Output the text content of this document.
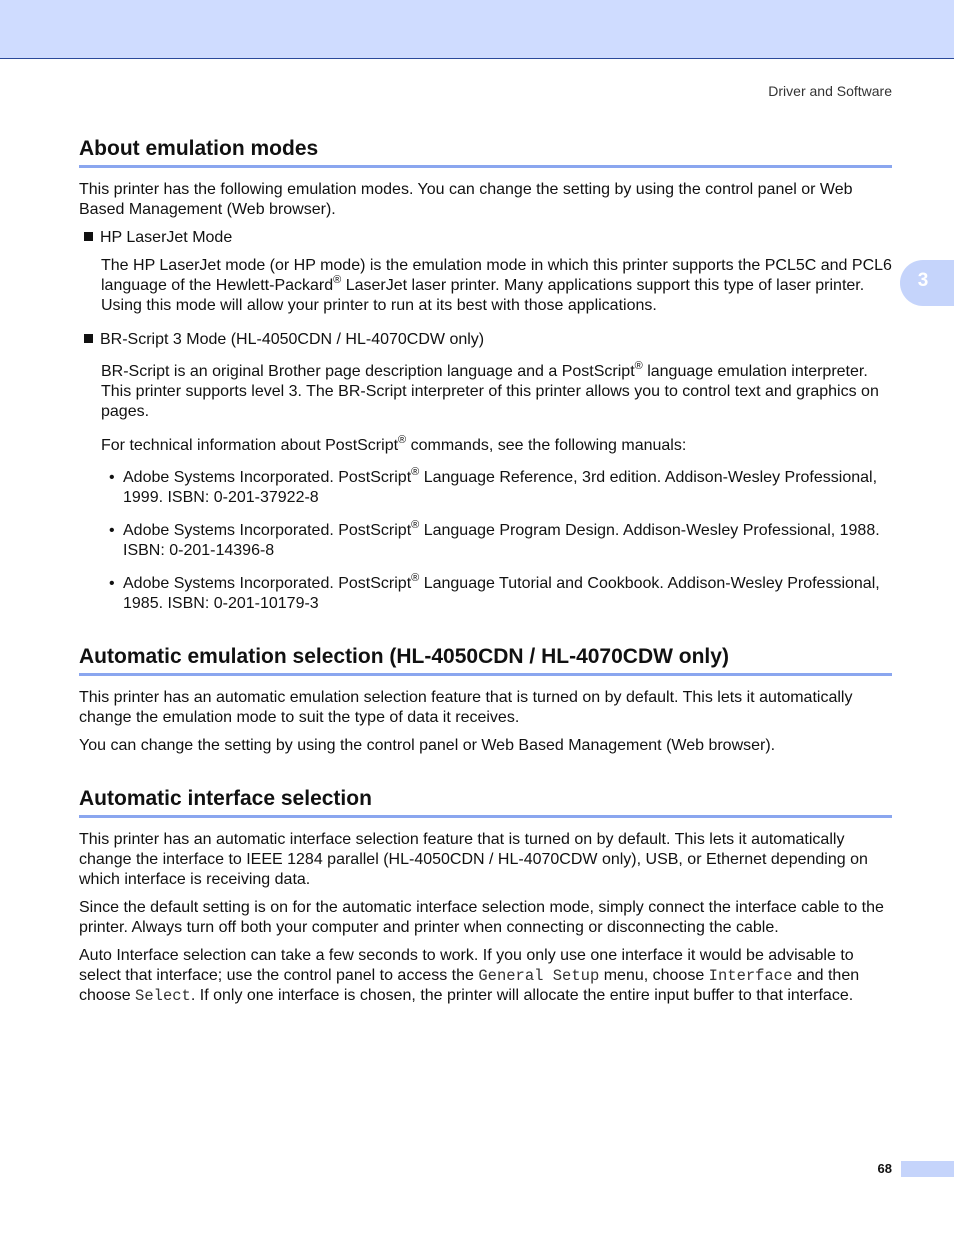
Driver and Software
3
About emulation modes

This printer has the following emulation modes. You can change the setting by using the control panel or Web Based Management (Web browser).

HP LaserJet Mode

The HP LaserJet mode (or HP mode) is the emulation mode in which this printer supports the PCL5C and PCL6 language of the Hewlett-Packard® LaserJet laser printer. Many applications support this type of laser printer. Using this mode will allow your printer to run at its best with those applications.

BR-Script 3 Mode (HL-4050CDN / HL-4070CDW only)

BR-Script is an original Brother page description language and a PostScript® language emulation interpreter. This printer supports level 3. The BR-Script interpreter of this printer allows you to control text and graphics on pages.

For technical information about PostScript® commands, see the following manuals:

• Adobe Systems Incorporated. PostScript® Language Reference, 3rd edition. Addison-Wesley Professional, 1999. ISBN: 0-201-37922-8
• Adobe Systems Incorporated. PostScript® Language Program Design. Addison-Wesley Professional, 1988. ISBN: 0-201-14396-8
• Adobe Systems Incorporated. PostScript® Language Tutorial and Cookbook. Addison-Wesley Professional, 1985. ISBN: 0-201-10179-3
Automatic emulation selection (HL-4050CDN / HL-4070CDW only)

This printer has an automatic emulation selection feature that is turned on by default. This lets it automatically change the emulation mode to suit the type of data it receives.

You can change the setting by using the control panel or Web Based Management (Web browser).

Automatic interface selection

This printer has an automatic interface selection feature that is turned on by default. This lets it automatically change the interface to IEEE 1284 parallel (HL-4050CDN / HL-4070CDW only), USB, or Ethernet depending on which interface is receiving data.

Since the default setting is on for the automatic interface selection mode, simply connect the interface cable to the printer. Always turn off both your computer and printer when connecting or disconnecting the cable.

Auto Interface selection can take a few seconds to work. If you only use one interface it would be advisable to select that interface; use the control panel to access the General Setup menu, choose Interface and then choose Select. If only one interface is chosen, the printer will allocate the entire input buffer to that interface.

68
